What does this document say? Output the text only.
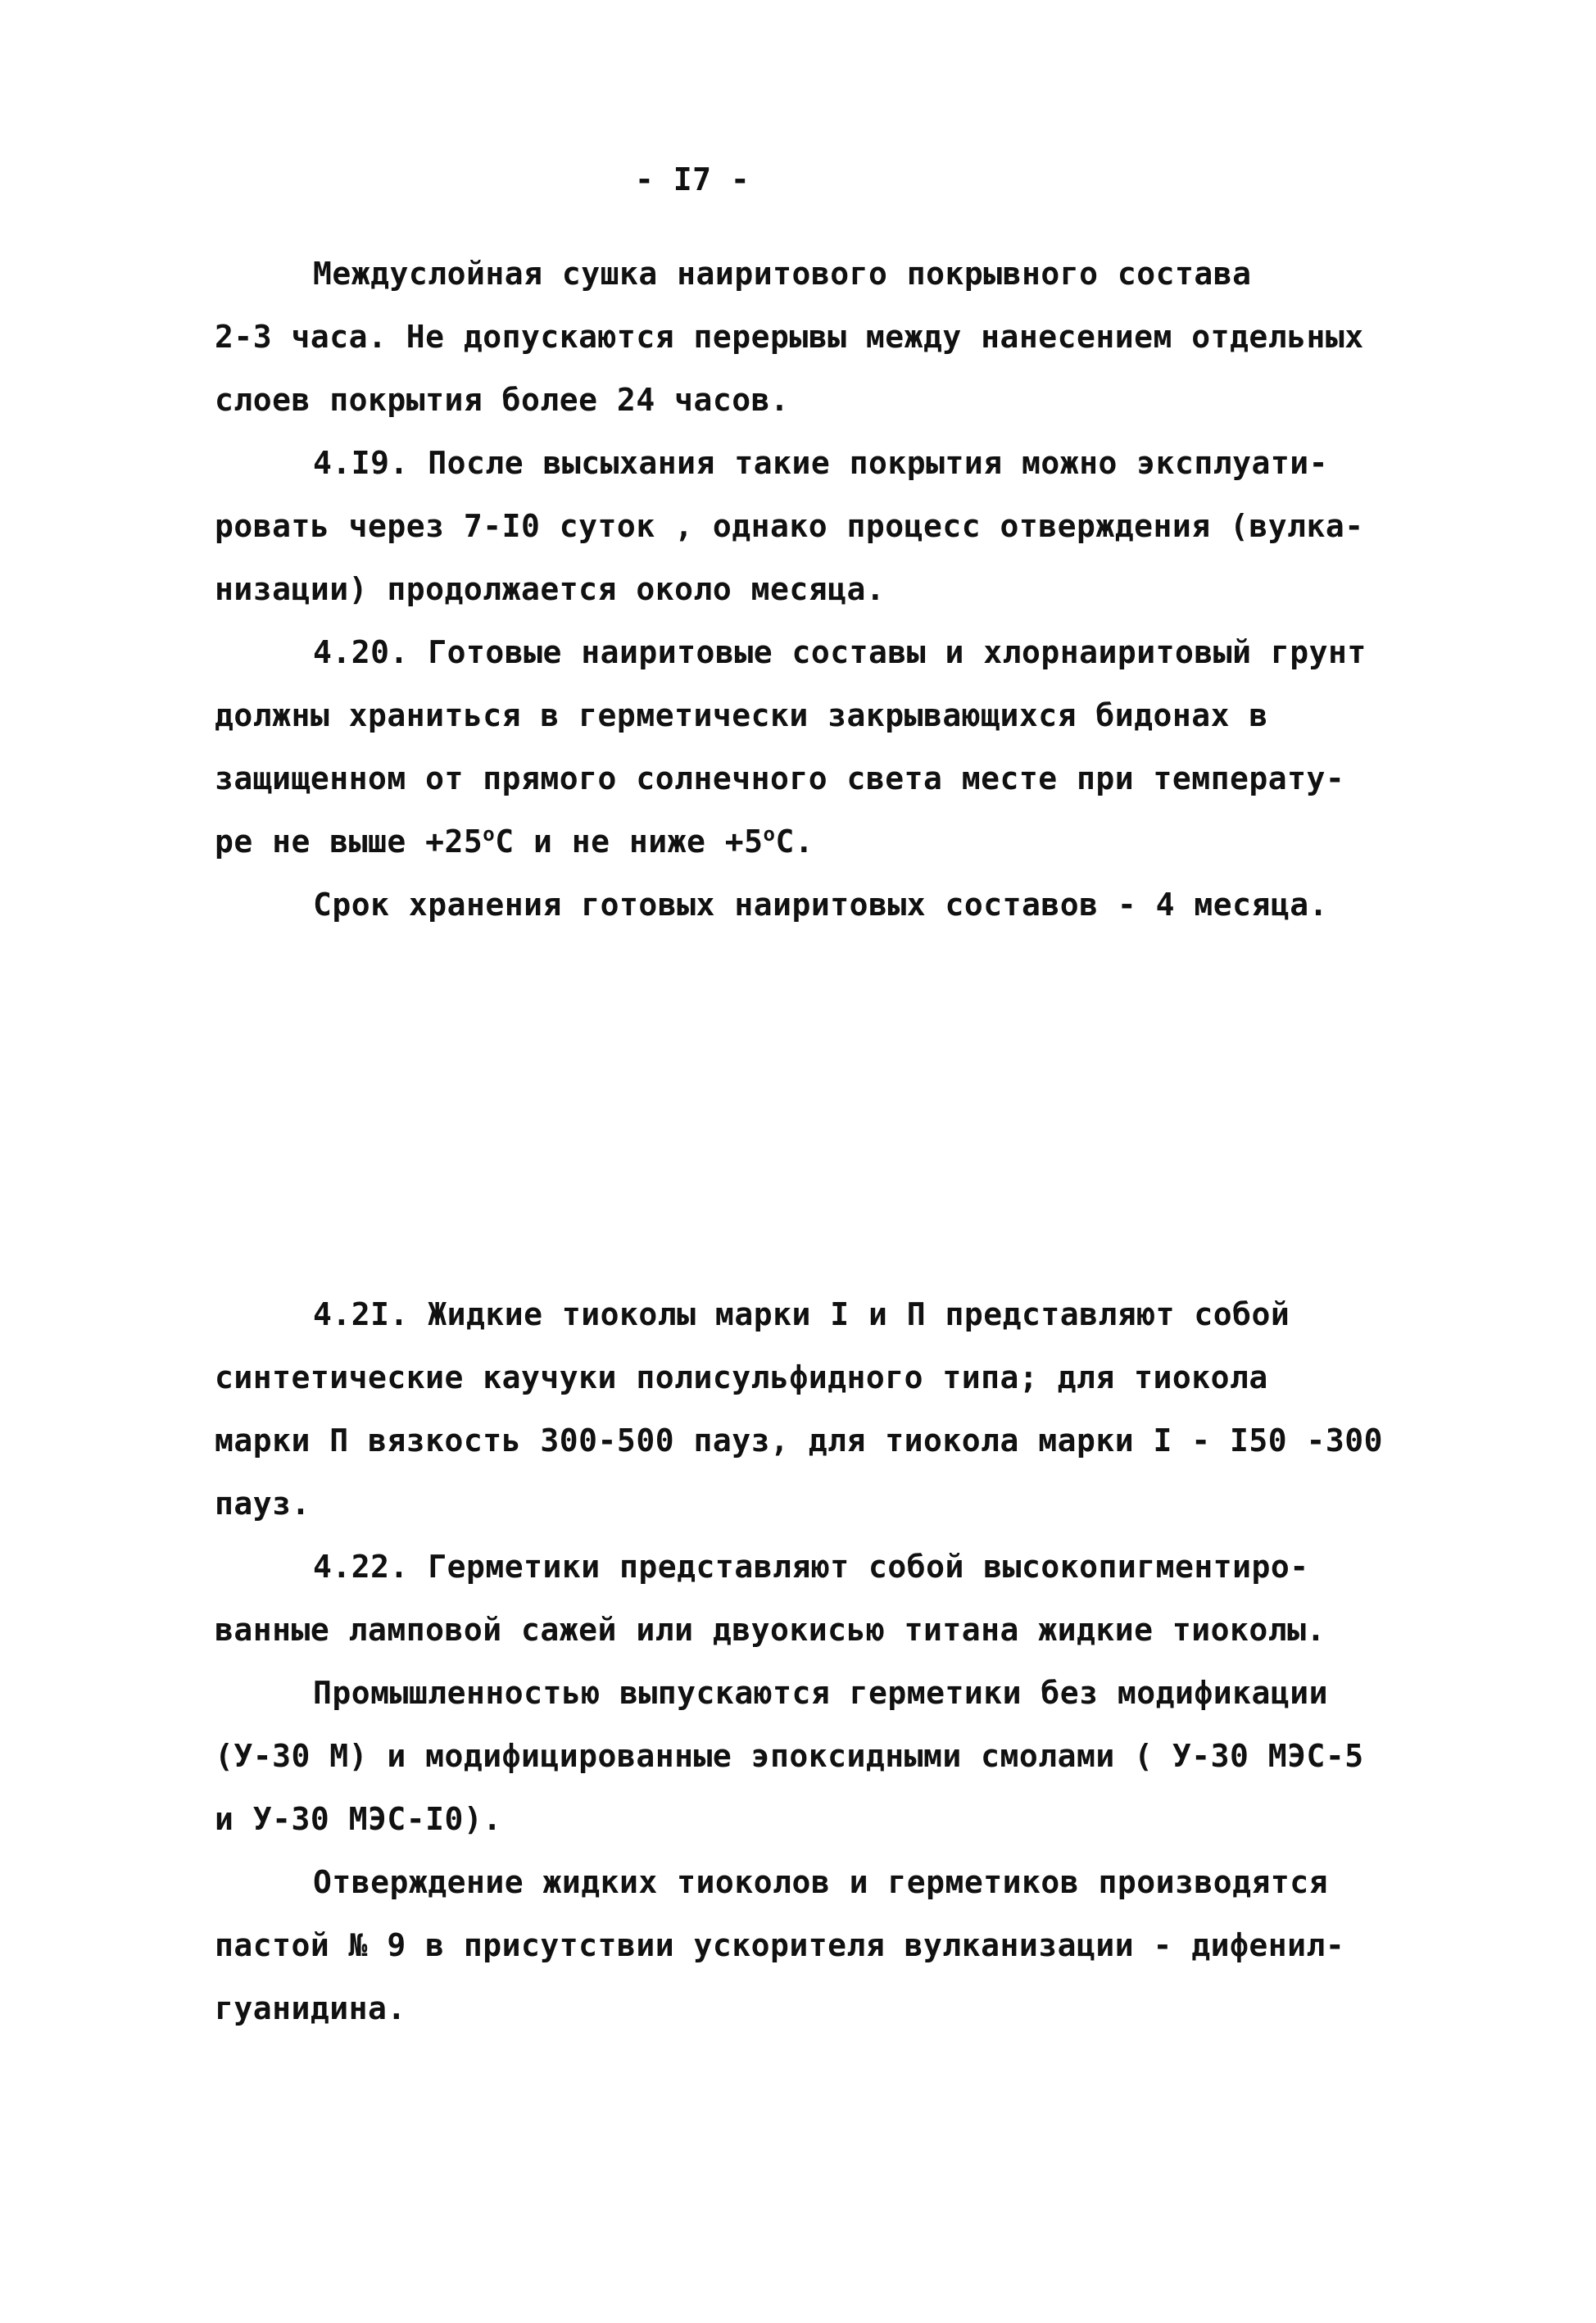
- I7 -
Междуслойная сушка наиритового покрывного состава
2-3 часа. Не допускаются перерывы между нанесением отдельных
слоев покрытия более 24 часов.
4.I9. После высыхания такие покрытия можно эксплуати-
ровать через 7-I0 суток , однако процесс отверждения (вулка-
низации) продолжается около месяца.
4.20. Готовые наиритовые составы и хлорнаиритовый грунт
должны храниться в герметически закрывающихся бидонах в
защищенном от прямого солнечного света месте при температу-
ре не выше $+25^oС$ и не ниже $+5^oС$.
Срок хранения готовых наиритовых составов - 4 месяца.
4.2I. Жидкие тиоколы марки I и П представляют собой
синтетические каучуки полисульфидного типа; для тиокола
марки П вязкость 300-500 пауз, для тиокола марки I - I50 -300
пауз.
4.22. Герметики представляют собой высокопигментиро-
ванные ламповой сажей или двуокисью титана жидкие тиоколы.
Промышленностью выпускаются герметики без модификации
(У-30 М) и модифицированные эпоксидными смолами ( У-30 МЭС-5
и У-30 МЭС-I0).
Отверждение жидких тиоколов и герметиков производятся
пастой № 9 в присутствии ускорителя вулканизации - дифенил-
гуанидина.
